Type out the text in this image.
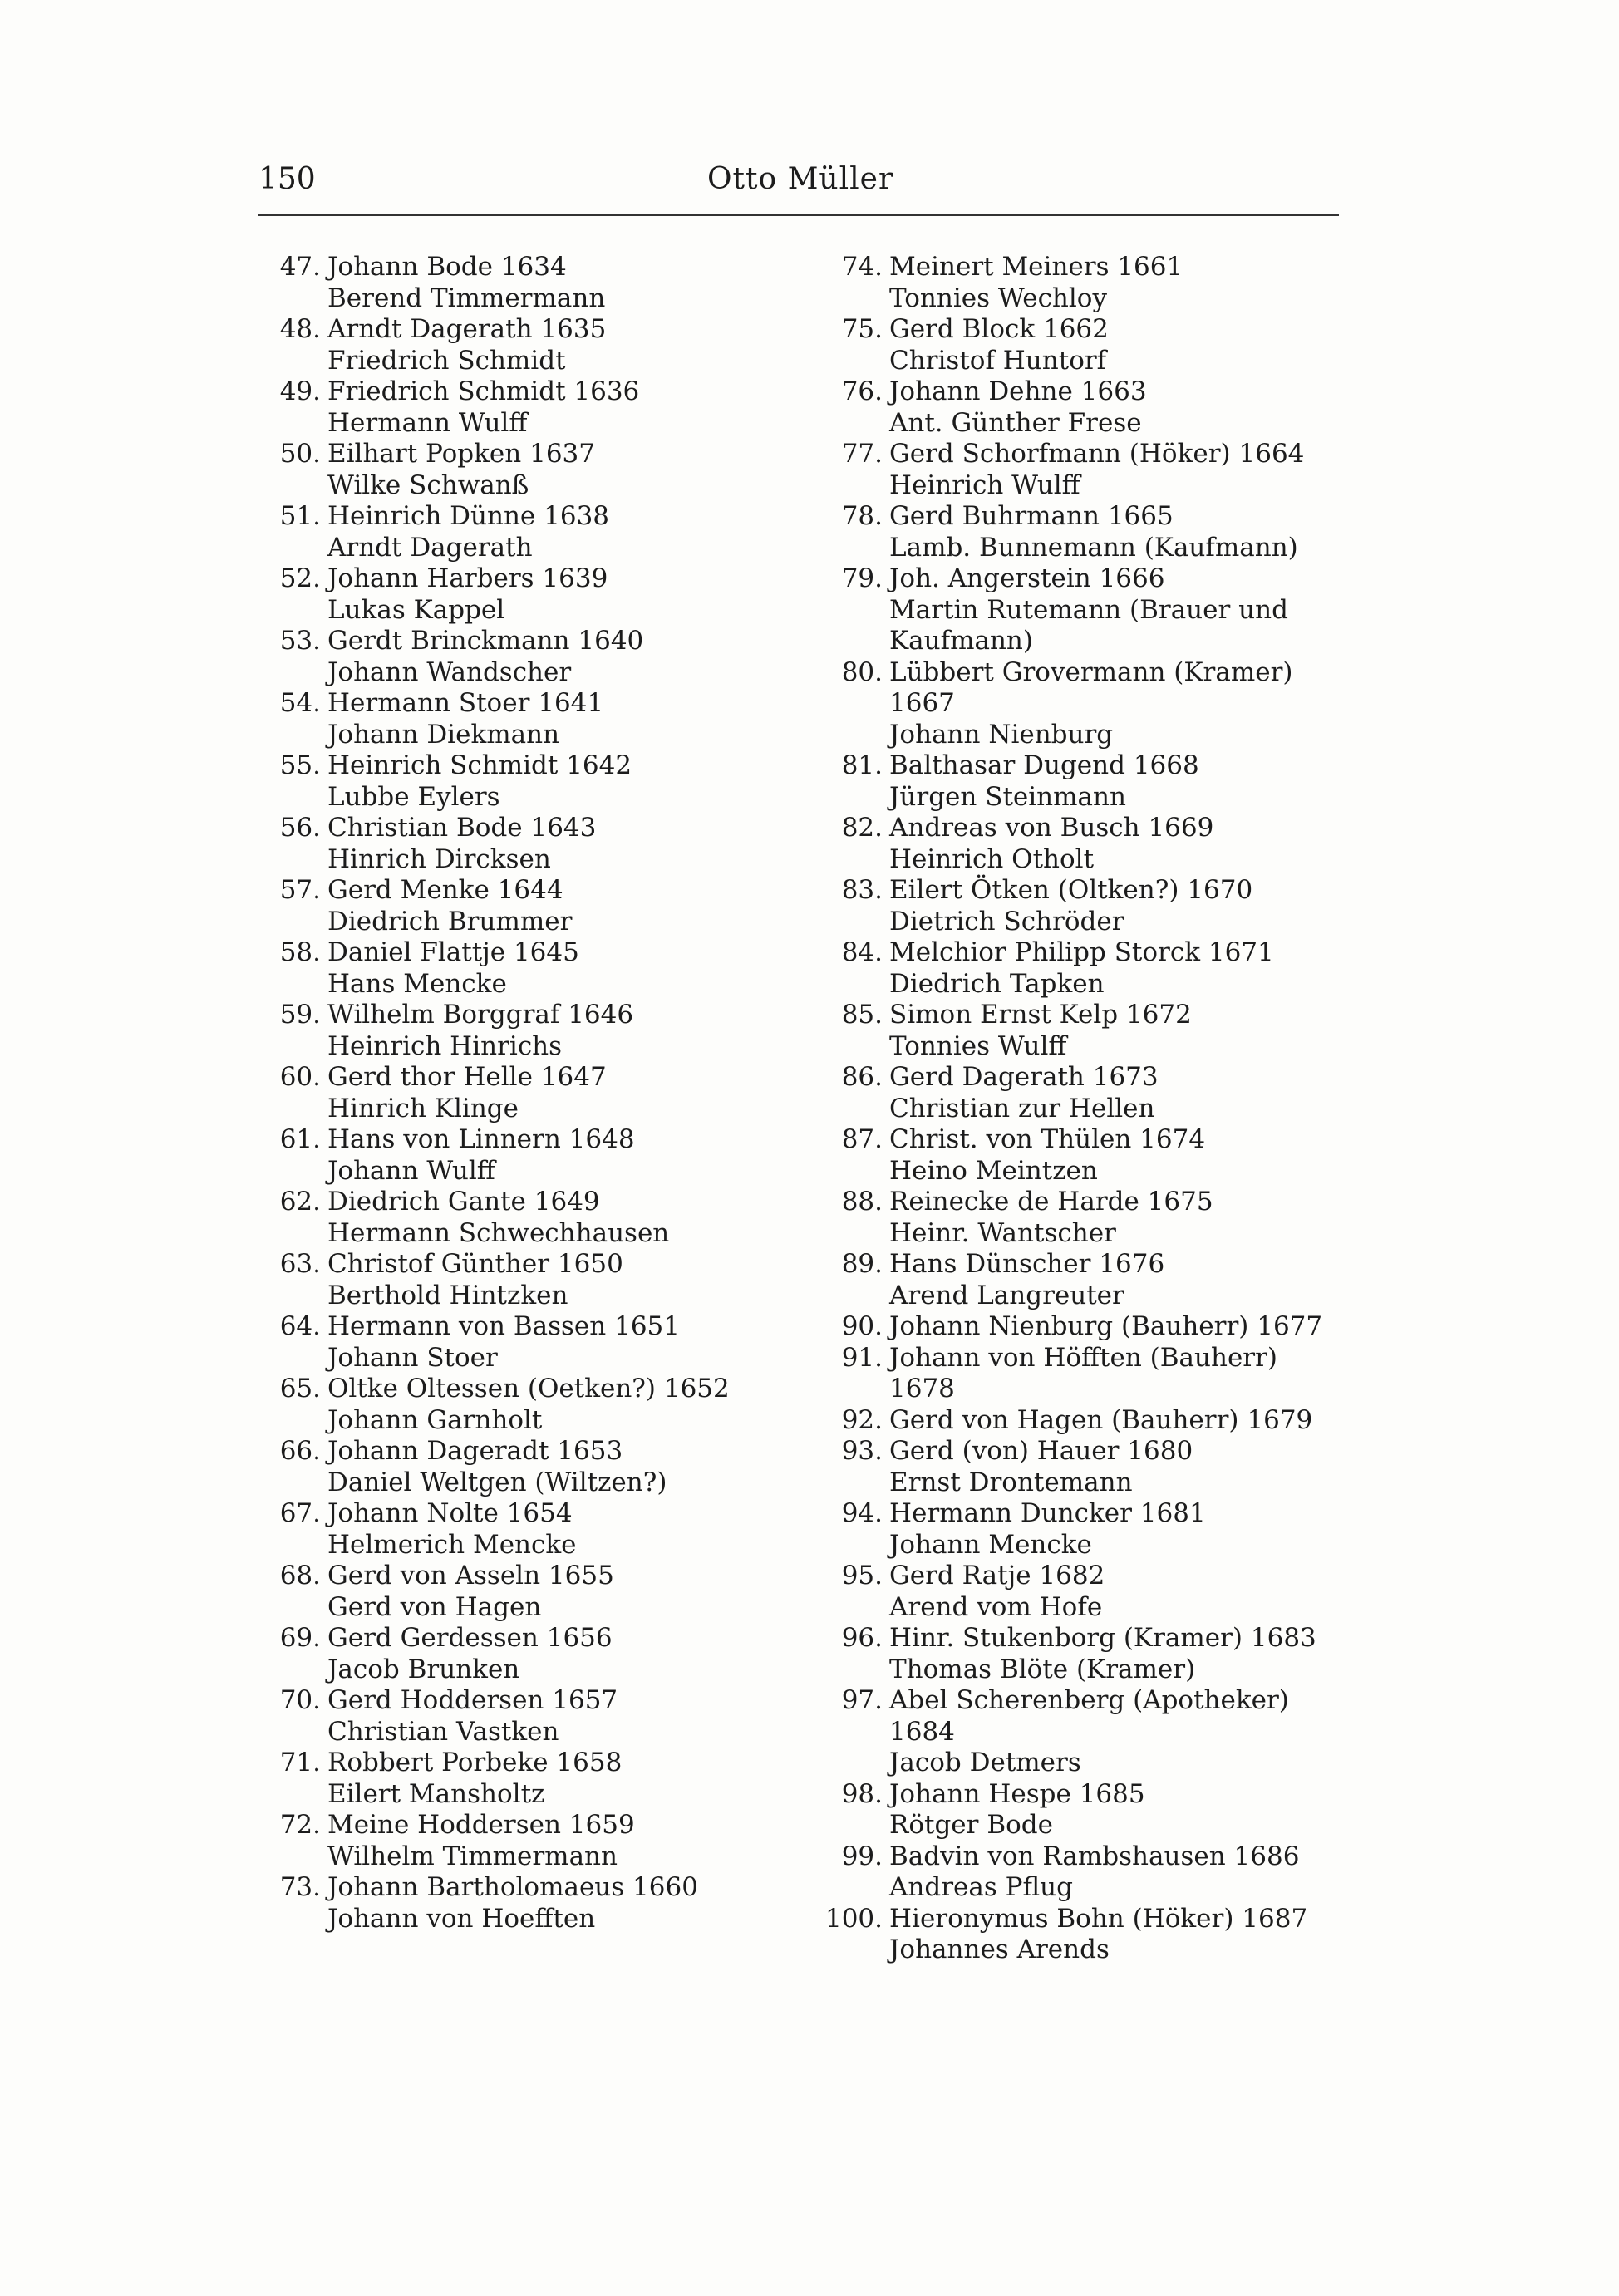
150	Otto Müller
47. Johann Bode 1634
Berend Timmermann
48. Arndt Dagerath 1635
Friedrich Schmidt
49. Friedrich Schmidt 1636
Hermann Wulff
50. Eilhart Popken 1637
Wilke Schwanß
51. Heinrich Dünne 1638
Arndt Dagerath
52. Johann Harbers 1639
Lukas Kappel
53. Gerdt Brinckmann 1640
Johann Wandscher
54. Hermann Stoer 1641
Johann Diekmann
55. Heinrich Schmidt 1642
Lubbe Eylers
56. Christian Bode 1643
Hinrich Dircksen
57. Gerd Menke 1644
Diedrich Brummer
58. Daniel Flattje 1645
Hans Mencke
59. Wilhelm Borggraf 1646
Heinrich Hinrichs
60. Gerd thor Helle 1647
Hinrich Klinge
61. Hans von Linnern 1648
Johann Wulff
62. Diedrich Gante 1649
Hermann Schwechhausen
63. Christof Günther 1650
Berthold Hintzken
64. Hermann von Bassen 1651
Johann Stoer
65. Oltke Oltessen (Oetken?) 1652
Johann Garnholt
66. Johann Dageradt 1653
Daniel Weltgen (Wiltzen?)
67. Johann Nolte 1654
Helmerich Mencke
68. Gerd von Asseln 1655
Gerd von Hagen
69. Gerd Gerdessen 1656
Jacob Brunken
70. Gerd Hoddersen 1657
Christian Vastken
71. Robbert Porbeke 1658
Eilert Mansholtz
72. Meine Hoddersen 1659
Wilhelm Timmermann
73. Johann Bartholomaeus 1660
Johann von Hoefften
74. Meinert Meiners 1661
Tonnies Wechloy
75. Gerd Block 1662
Christof Huntorf
76. Johann Dehne 1663
Ant. Günther Frese
77. Gerd Schorfmann (Höker) 1664
Heinrich Wulff
78. Gerd Buhrmann 1665
Lamb. Bunnemann (Kaufmann)
79. Joh. Angerstein 1666
Martin Rutemann (Brauer und
Kaufmann)
80. Lübbert Grovermann (Kramer)
1667
Johann Nienburg
81. Balthasar Dugend 1668
Jürgen Steinmann
82. Andreas von Busch 1669
Heinrich Otholt
83. Eilert Ötken (Oltken?) 1670
Dietrich Schröder
84. Melchior Philipp Storck 1671
Diedrich Tapken
85. Simon Ernst Kelp 1672
Tonnies Wulff
86. Gerd Dagerath 1673
Christian zur Hellen
87. Christ. von Thülen 1674
Heino Meintzen
88. Reinecke de Harde 1675
Heinr. Wantscher
89. Hans Dünscher 1676
Arend Langreuter
90. Johann Nienburg (Bauherr) 1677
91. Johann von Höfften (Bauherr)
1678
92. Gerd von Hagen (Bauherr) 1679
93. Gerd (von) Hauer 1680
Ernst Drontemann
94. Hermann Duncker 1681
Johann Mencke
95. Gerd Ratje 1682
Arend vom Hofe
96. Hinr. Stukenborg (Kramer) 1683
Thomas Blöte (Kramer)
97. Abel Scherenberg (Apotheker)
1684
Jacob Detmers
98. Johann Hespe 1685
Rötger Bode
99. Badvin von Rambshausen 1686
Andreas Pflug
100. Hieronymus Bohn (Höker) 1687
Johannes Arends
